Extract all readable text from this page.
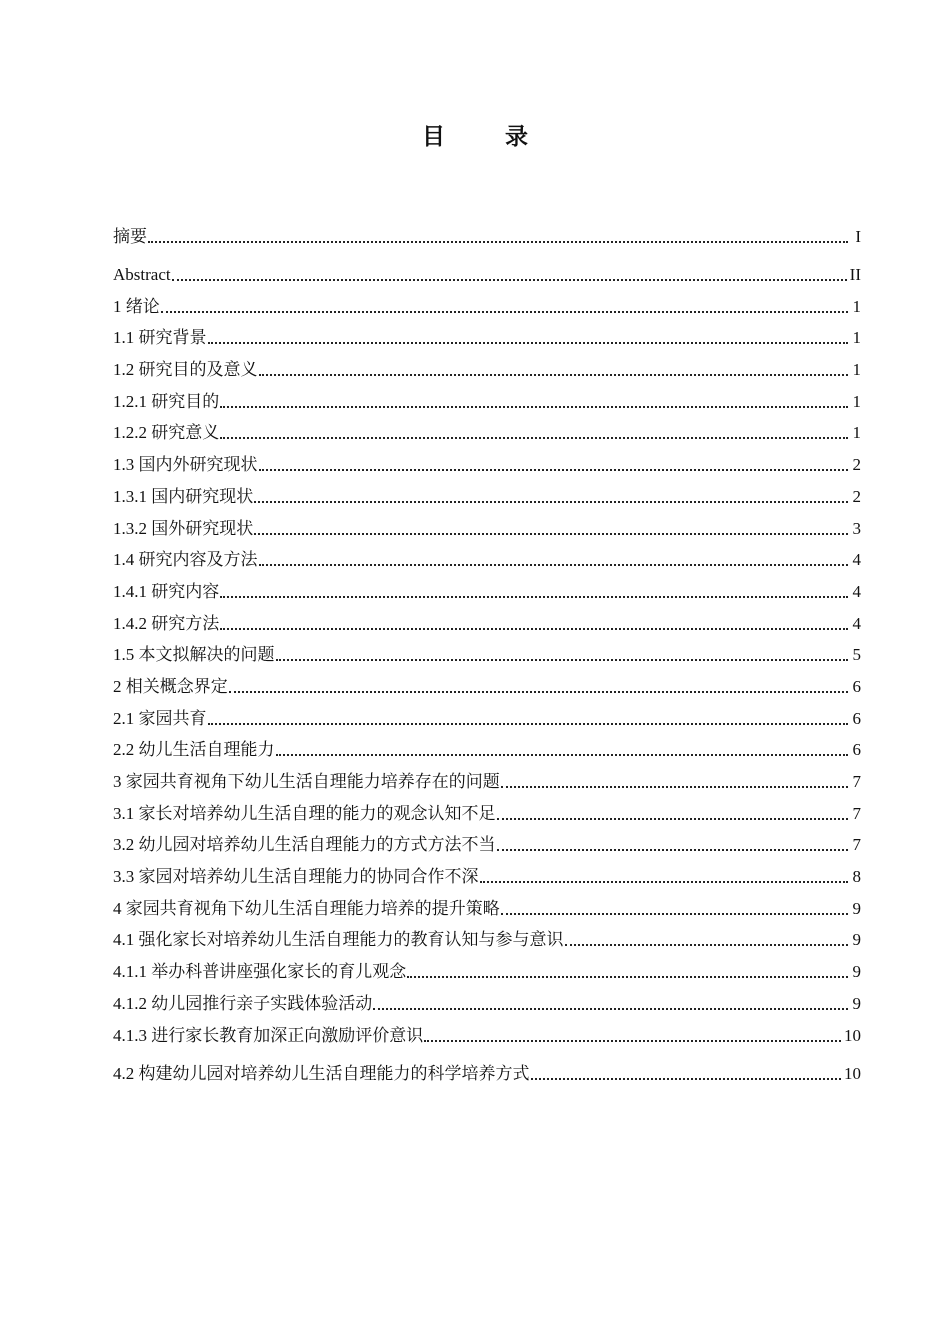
目 录
摘要	I
Abstract	II
1 绪论	1
1.1 研究背景	1
1.2 研究目的及意义	1
1.2.1 研究目的	1
1.2.2 研究意义	1
1.3 国内外研究现状	2
1.3.1 国内研究现状	2
1.3.2 国外研究现状	3
1.4 研究内容及方法	4
1.4.1 研究内容	4
1.4.2 研究方法	4
1.5 本文拟解决的问题	5
2 相关概念界定	6
2.1 家园共育	6
2.2 幼儿生活自理能力	6
3 家园共育视角下幼儿生活自理能力培养存在的问题	7
3.1 家长对培养幼儿生活自理的能力的观念认知不足	7
3.2 幼儿园对培养幼儿生活自理能力的方式方法不当	7
3.3 家园对培养幼儿生活自理能力的协同合作不深	8
4 家园共育视角下幼儿生活自理能力培养的提升策略	9
4.1 强化家长对培养幼儿生活自理能力的教育认知与参与意识	9
4.1.1 举办科普讲座强化家长的育儿观念	9
4.1.2 幼儿园推行亲子实践体验活动	9
4.1.3 进行家长教育加深正向激励评价意识	10
4.2 构建幼儿园对培养幼儿生活自理能力的科学培养方式	10
